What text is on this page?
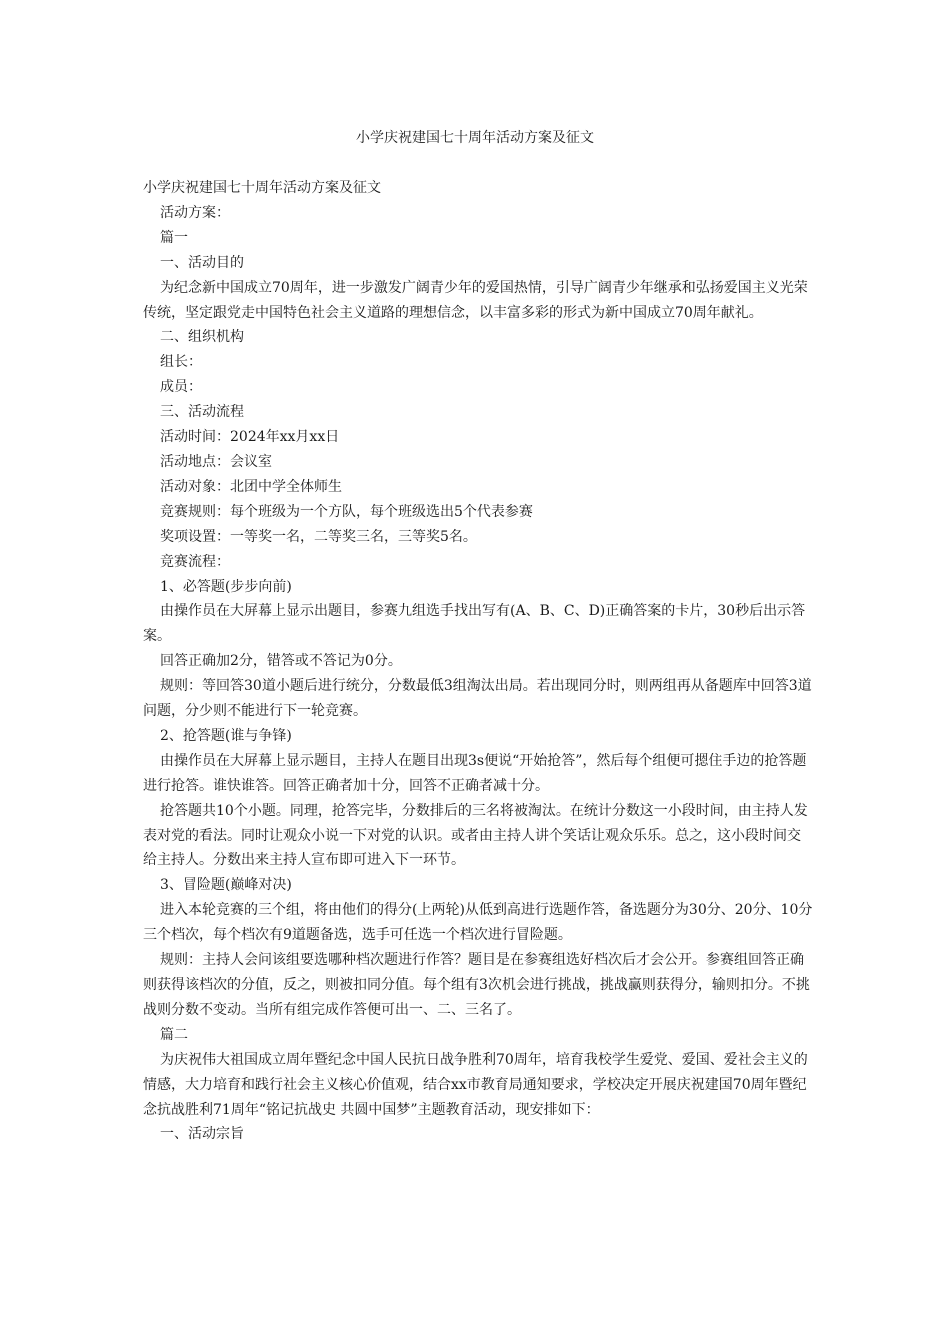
小学庆祝建国七十周年活动方案及征文

小学庆祝建国七十周年活动方案及征文

活动方案：

篇一

一、活动目的

为纪念新中国成立70周年，进一步激发广阔青少年的爱国热情，引导广阔青少年继承和弘扬爱国主义光荣传统，坚定跟党走中国特色社会主义道路的理想信念，以丰富多彩的形式为新中国成立70周年献礼。

二、组织机构

组长：

成员：

三、活动流程

活动时间：2024年xx月xx日

活动地点：会议室

活动对象：北团中学全体师生

竞赛规则：每个班级为一个方队，每个班级选出5个代表参赛

奖项设置：一等奖一名，二等奖三名，三等奖5名。

竞赛流程：

1、必答题(步步向前)

由操作员在大屏幕上显示出题目，参赛九组选手找出写有(A、B、C、D)正确答案的卡片，30秒后出示答案。

回答正确加2分，错答或不答记为0分。

规则：等回答30道小题后进行统分，分数最低3组淘汰出局。若出现同分时，则两组再从备题库中回答3道问题，分少则不能进行下一轮竞赛。

2、抢答题(谁与争锋)

由操作员在大屏幕上显示题目，主持人在题目出现3s便说“开始抢答”，然后每个组便可摁住手边的抢答题进行抢答。谁快谁答。回答正确者加十分，回答不正确者减十分。

抢答题共10个小题。同理，抢答完毕，分数排后的三名将被淘汰。在统计分数这一小段时间，由主持人发表对党的看法。同时让观众小说一下对党的认识。或者由主持人讲个笑话让观众乐乐。总之，这小段时间交给主持人。分数出来主持人宣布即可进入下一环节。

3、冒险题(巅峰对决)

进入本轮竞赛的三个组，将由他们的得分(上两轮)从低到高进行选题作答，备选题分为30分、20分、10分三个档次，每个档次有9道题备选，选手可任选一个档次进行冒险题。

规则：主持人会问该组要选哪种档次题进行作答？题目是在参赛组选好档次后才会公开。参赛组回答正确则获得该档次的分值，反之，则被扣同分值。每个组有3次机会进行挑战，挑战赢则获得分，输则扣分。不挑战则分数不变动。当所有组完成作答便可出一、二、三名了。

篇二

为庆祝伟大祖国成立周年暨纪念中国人民抗日战争胜利70周年，培育我校学生爱党、爱国、爱社会主义的情感，大力培育和践行社会主义核心价值观，结合xx市教育局通知要求，学校决定开展庆祝建国70周年暨纪念抗战胜利71周年“铭记抗战史 共圆中国梦”主题教育活动，现安排如下：

一、活动宗旨
